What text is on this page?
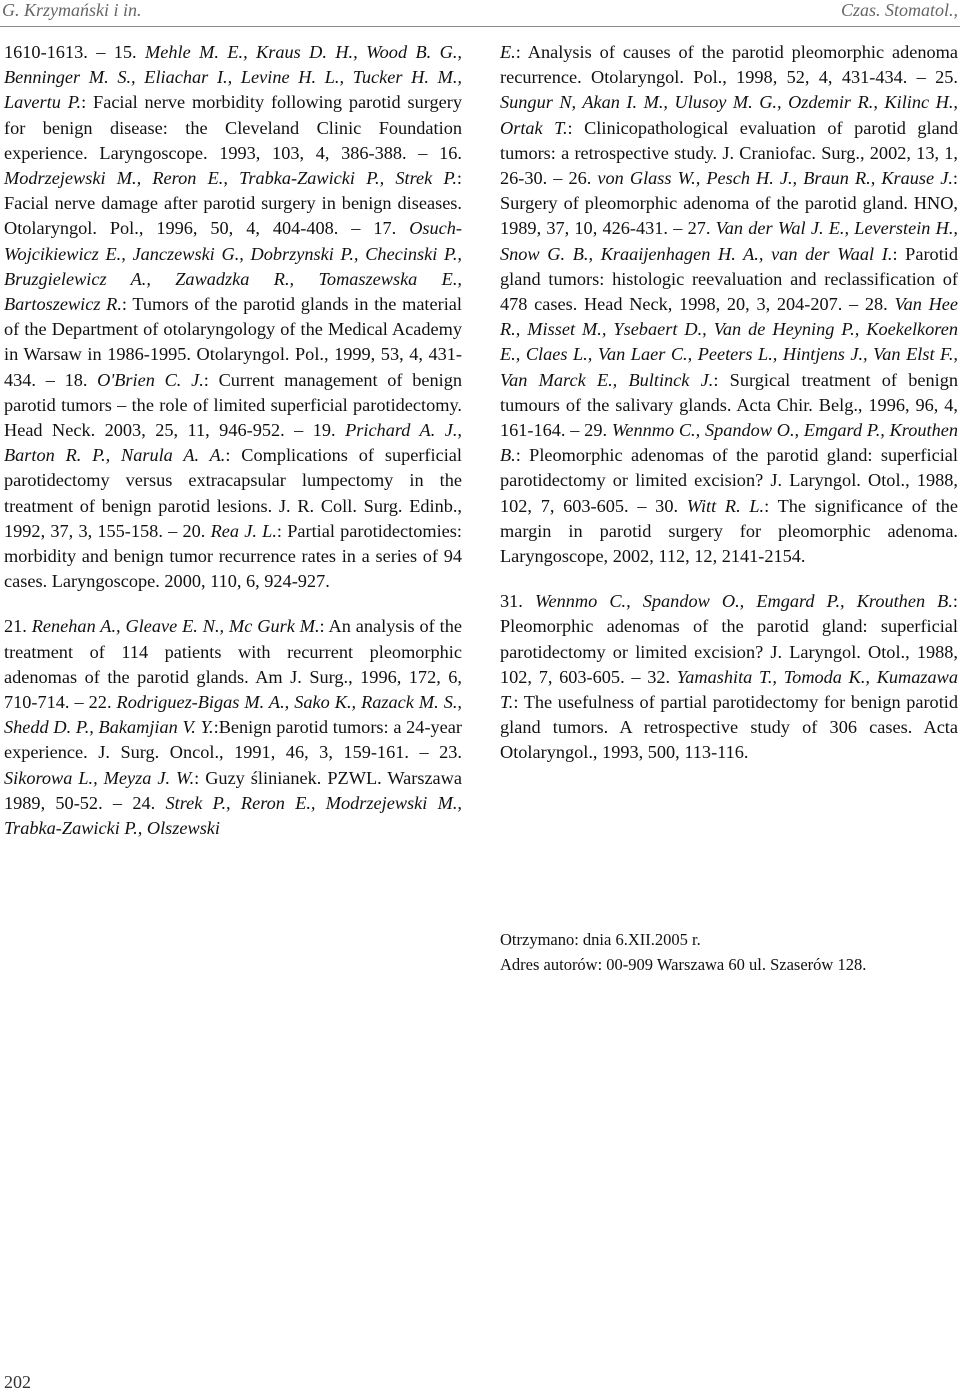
G. Krzymański i in.	Czas. Stomatol.,

1610-1613. – 15. Mehle M. E., Kraus D. H., Wood B. G., Benninger M. S., Eliachar I., Levine H. L., Tucker H. M., Lavertu P.: Facial nerve morbidity following parotid surgery for benign disease: the Cleveland Clinic Foundation experience. Laryngoscope. 1993, 103, 4, 386-388. – 16. Modrzejewski M., Reron E., Trabka-Zawicki P., Strek P.: Facial nerve damage after parotid surgery in benign diseases. Otolaryngol. Pol., 1996, 50, 4, 404-408. – 17. Osuch-Wojcikiewicz E., Janczewski G., Dobrzynski P., Checinski P., Bruzgielewicz A., Zawadzka R., Tomaszewska E., Bartoszewicz R.: Tumors of the parotid glands in the material of the Department of otolaryngology of the Medical Academy in Warsaw in 1986-1995. Otolaryngol. Pol., 1999, 53, 4, 431-434. – 18. O'Brien C. J.: Current management of benign parotid tumors – the role of limited superficial parotidectomy. Head Neck. 2003, 25, 11, 946-952. – 19. Prichard A. J., Barton R. P., Narula A. A.: Complications of superficial parotidectomy versus extracapsular lumpectomy in the treatment of benign parotid lesions. J. R. Coll. Surg. Edinb., 1992, 37, 3, 155-158. – 20. Rea J. L.: Partial parotidectomies: morbidity and benign tumor recurrence rates in a series of 94 cases. Laryngoscope. 2000, 110, 6, 924-927.

21. Renehan A., Gleave E. N., Mc Gurk M.: An analysis of the treatment of 114 patients with recurrent pleomorphic adenomas of the parotid glands. Am J. Surg., 1996, 172, 6, 710-714. – 22. Rodriguez-Bigas M. A., Sako K., Razack M. S., Shedd D. P., Bakamjian V. Y.:Benign parotid tumors: a 24-year experience. J. Surg. Oncol., 1991, 46, 3, 159-161. – 23. Sikorowa L., Meyza J. W.: Guzy ślinianek. PZWL. Warszawa 1989, 50-52. – 24. Strek P., Reron E., Modrzejewski M., Trabka-Zawicki P., Olszewski

E.: Analysis of causes of the parotid pleomorphic adenoma recurrence. Otolaryngol. Pol., 1998, 52, 4, 431-434. – 25. Sungur N, Akan I. M., Ulusoy M. G., Ozdemir R., Kilinc H., Ortak T.: Clinicopathological evaluation of parotid gland tumors: a retrospective study. J. Craniofac. Surg., 2002, 13, 1, 26-30. – 26. von Glass W., Pesch H. J., Braun R., Krause J.: Surgery of pleomorphic adenoma of the parotid gland. HNO, 1989, 37, 10, 426-431. – 27. Van der Wal J. E., Leverstein H., Snow G. B., Kraaijenhagen H. A., van der Waal I.: Parotid gland tumors: histologic reevaluation and reclassification of 478 cases. Head Neck, 1998, 20, 3, 204-207. – 28. Van Hee R., Misset M., Ysebaert D., Van de Heyning P., Koekelkoren E., Claes L., Van Laer C., Peeters L., Hintjens J., Van Elst F., Van Marck E., Bultinck J.: Surgical treatment of benign tumours of the salivary glands. Acta Chir. Belg., 1996, 96, 4, 161-164. – 29. Wennmo C., Spandow O., Emgard P., Krouthen B.: Pleomorphic adenomas of the parotid gland: superficial parotidectomy or limited excision? J. Laryngol. Otol., 1988, 102, 7, 603-605. – 30. Witt R. L.: The significance of the margin in parotid surgery for pleomorphic adenoma. Laryngoscope, 2002, 112, 12, 2141-2154.

31. Wennmo C., Spandow O., Emgard P., Krouthen B.: Pleomorphic adenomas of the parotid gland: superficial parotidectomy or limited excision? J. Laryngol. Otol., 1988, 102, 7, 603-605. – 32. Yamashita T., Tomoda K., Kumazawa T.: The usefulness of partial parotidectomy for benign parotid gland tumors. A retrospective study of 306 cases. Acta Otolaryngol., 1993, 500, 113-116.

Otrzymano: dnia 6.XII.2005 r.
Adres autorów: 00-909 Warszawa 60 ul. Szaserów 128.
202
